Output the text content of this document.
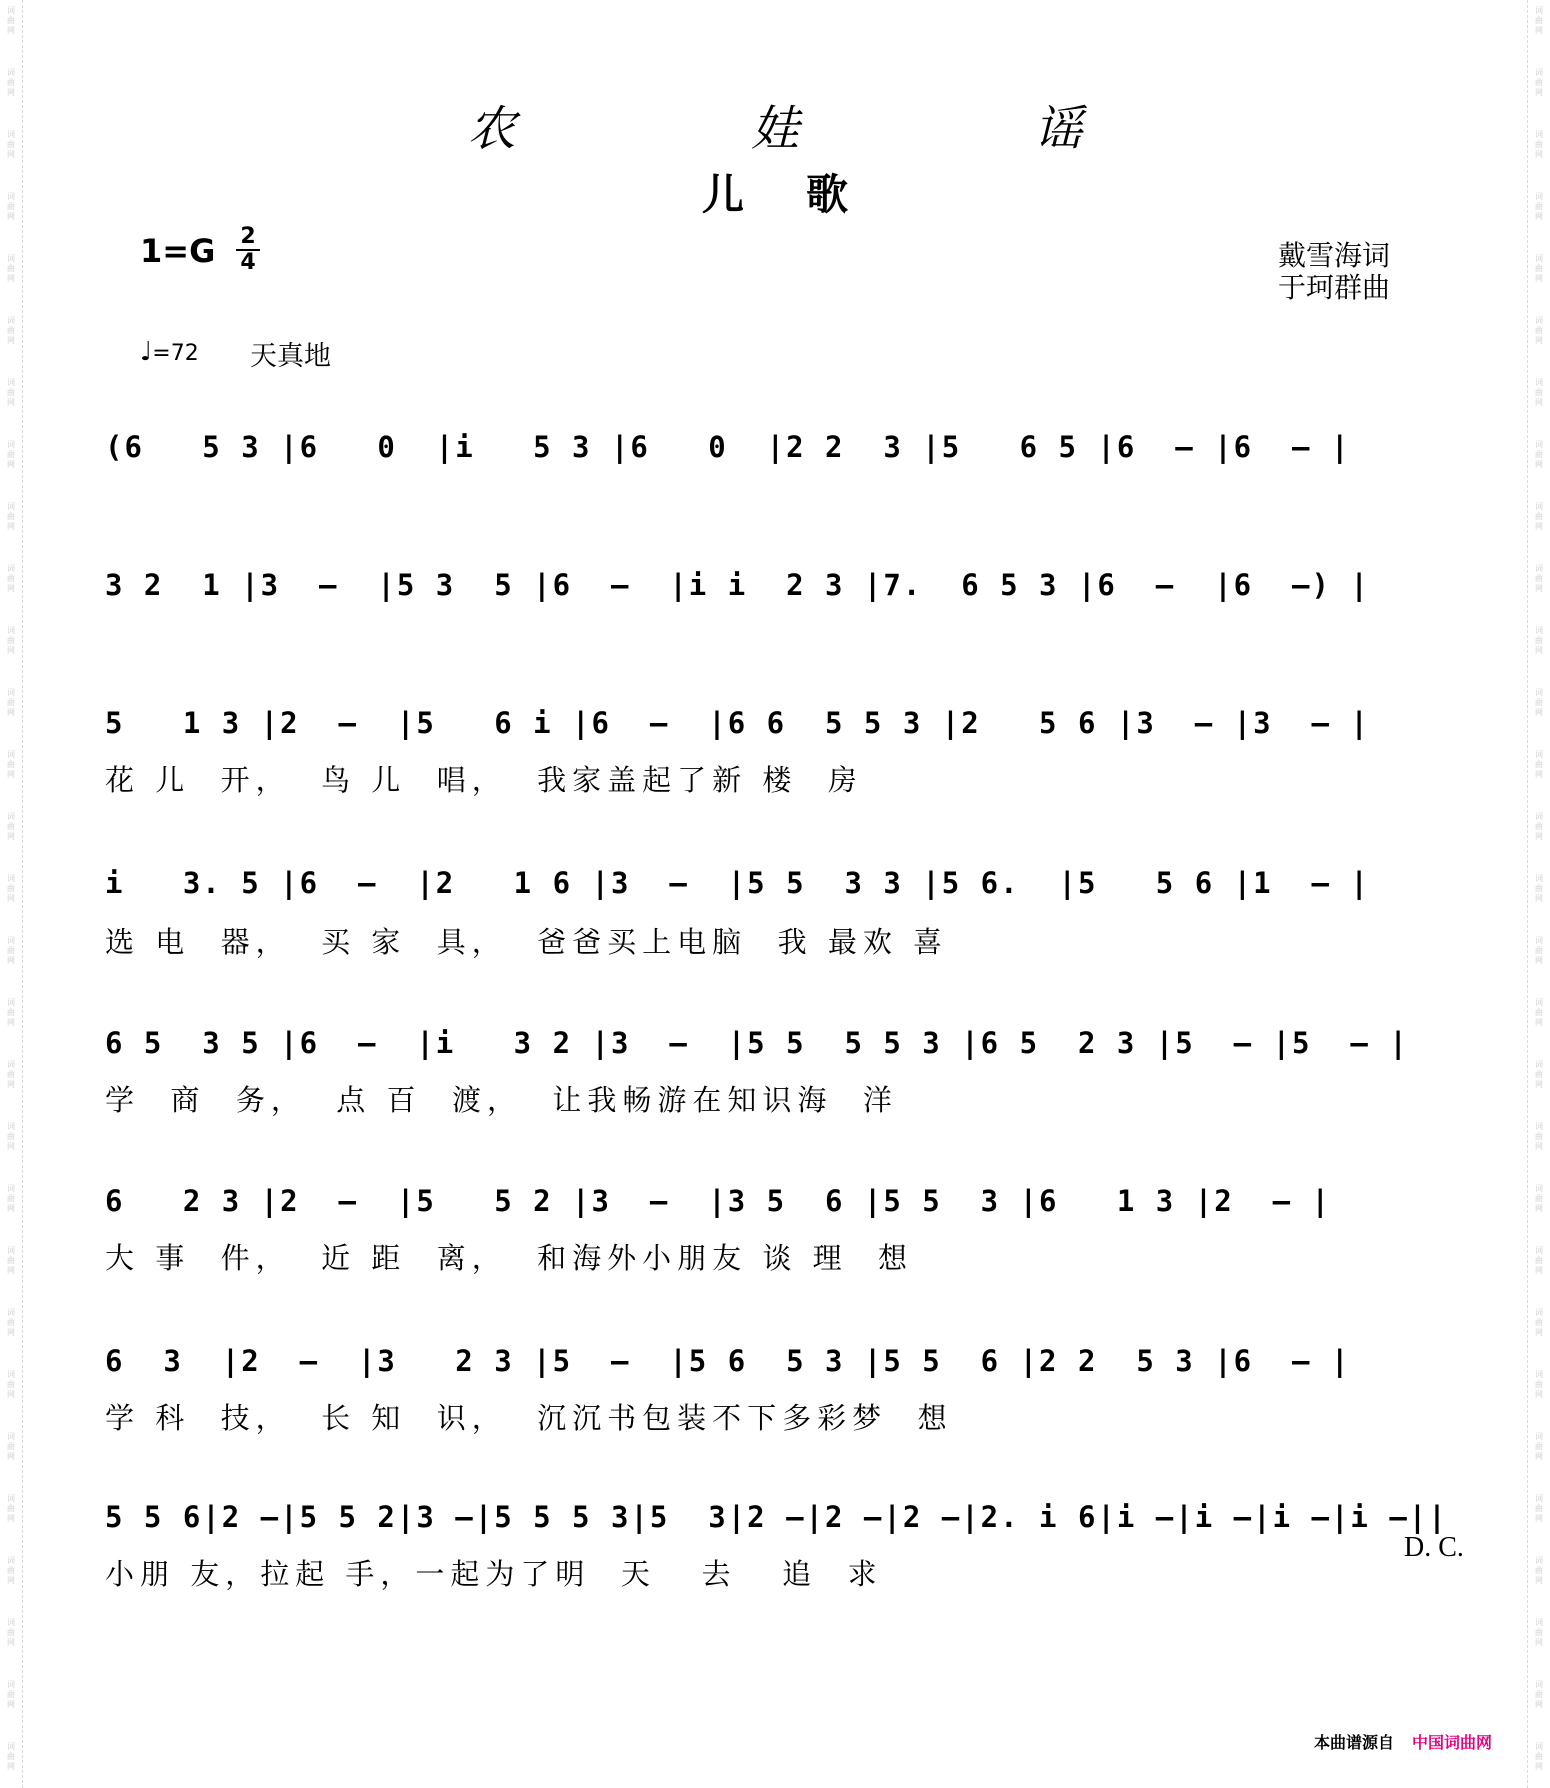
词曲网
词曲网
词曲网
词曲网
词曲网
词曲网
词曲网
词曲网
词曲网
词曲网
词曲网
词曲网
词曲网
词曲网
词曲网
词曲网
词曲网
词曲网
词曲网
词曲网
词曲网
词曲网
词曲网
词曲网
词曲网
词曲网
词曲网
词曲网
词曲网
词曲网
词曲网
词曲网
词曲网
词曲网
词曲网
词曲网
词曲网
词曲网
词曲网
词曲网
词曲网
词曲网
词曲网
词曲网
词曲网
词曲网
词曲网
词曲网
词曲网
词曲网
词曲网
词曲网
词曲网
词曲网
词曲网
词曲网
词曲网
词曲网
农 娃 谣
儿歌
1=G 2
4	戴雪海词
于珂群曲
♩=72 天真地
(6   5 3 |6   0  |i   5 3 |6   0  |2 2  3 |5   6 5 |6  – |6  – |
3 2  1 |3  –  |5 3  5 |6  –  |i i  2 3 |7.  6 5 3 |6  –  |6  –) |
5   1 3 |2  –  |5   6 i |6  –  |6 6  5 5 3 |2   5 6 |3  – |3  – |
花 儿  开，  鸟 儿  唱，  我家盖起了新 楼  房
i   3. 5 |6  –  |2   1 6 |3  –  |5 5  3 3 |5 6.  |5   5 6 |1  – |
选 电  器，  买 家  具，  爸爸买上电脑  我 最欢 喜
6 5  3 5 |6  –  |i   3 2 |3  –  |5 5  5 5 3 |6 5  2 3 |5  – |5  – |
学  商  务，  点 百  渡，  让我畅游在知识海  洋
6   2 3 |2  –  |5   5 2 |3  –  |3 5  6 |5 5  3 |6   1 3 |2  – |
大 事  件，  近 距  离，  和海外小朋友 谈 理  想
6  3  |2  –  |3   2 3 |5  –  |5 6  5 3 |5 5  6 |2 2  5 3 |6  – |
学 科  技，  长 知  识，  沉沉书包装不下多彩梦  想
5 5 6|2 –|5 5 2|3 –|5 5 5 3|5  3|2 –|2 –|2 –|2. i 6|i –|i –|i –|i –||
小朋 友，拉起 手，一起为了明  天   去   追  求
D. C.
本曲谱源自 中国词曲网
